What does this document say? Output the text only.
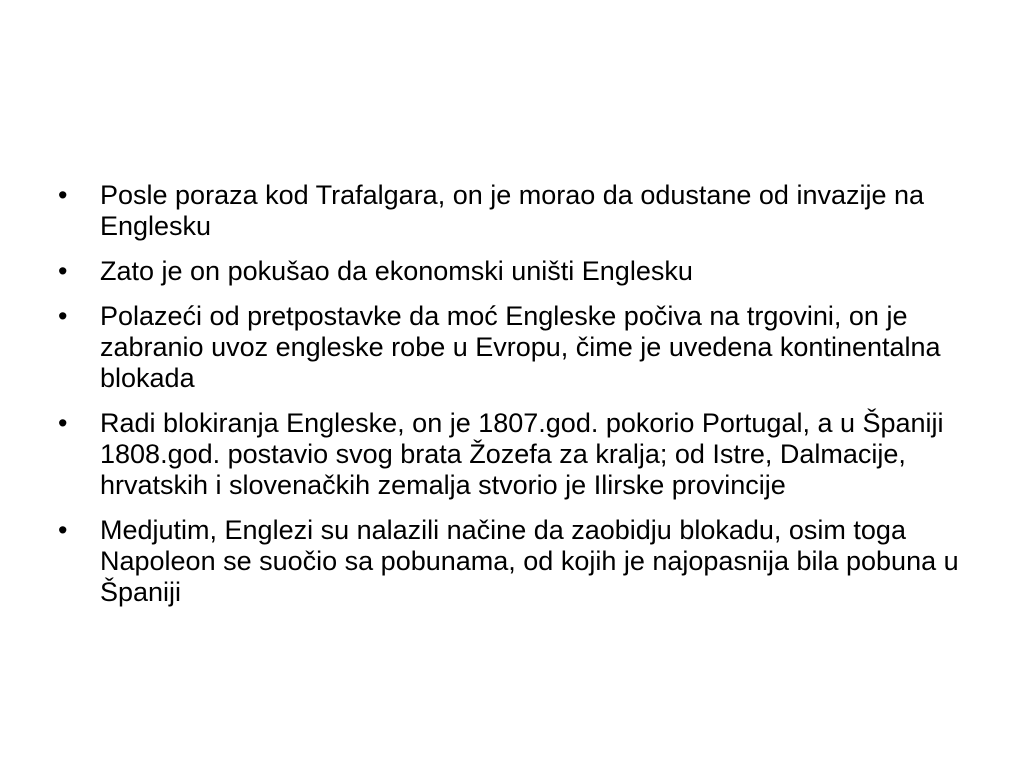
•	Posle poraza kod Trafalgara, on je morao da odustane od invazije na Englesku
•	Zato je on pokušao da ekonomski uništi Englesku
•	Polazeći od pretpostavke da moć Engleske počiva na trgovini, on je zabranio uvoz engleske robe u Evropu, čime je uvedena kontinentalna blokada
•	Radi blokiranja Engleske, on je 1807.god. pokorio Portugal, a u Španiji 1808.god. postavio svog brata Žozefa za kralja; od Istre, Dalmacije, hrvatskih i slovenačkih zemalja stvorio je Ilirske provincije
•	Medjutim, Englezi su nalazili načine da zaobidju blokadu, osim toga Napoleon se suočio sa pobunama, od kojih je najopasnija bila pobuna u Španiji
